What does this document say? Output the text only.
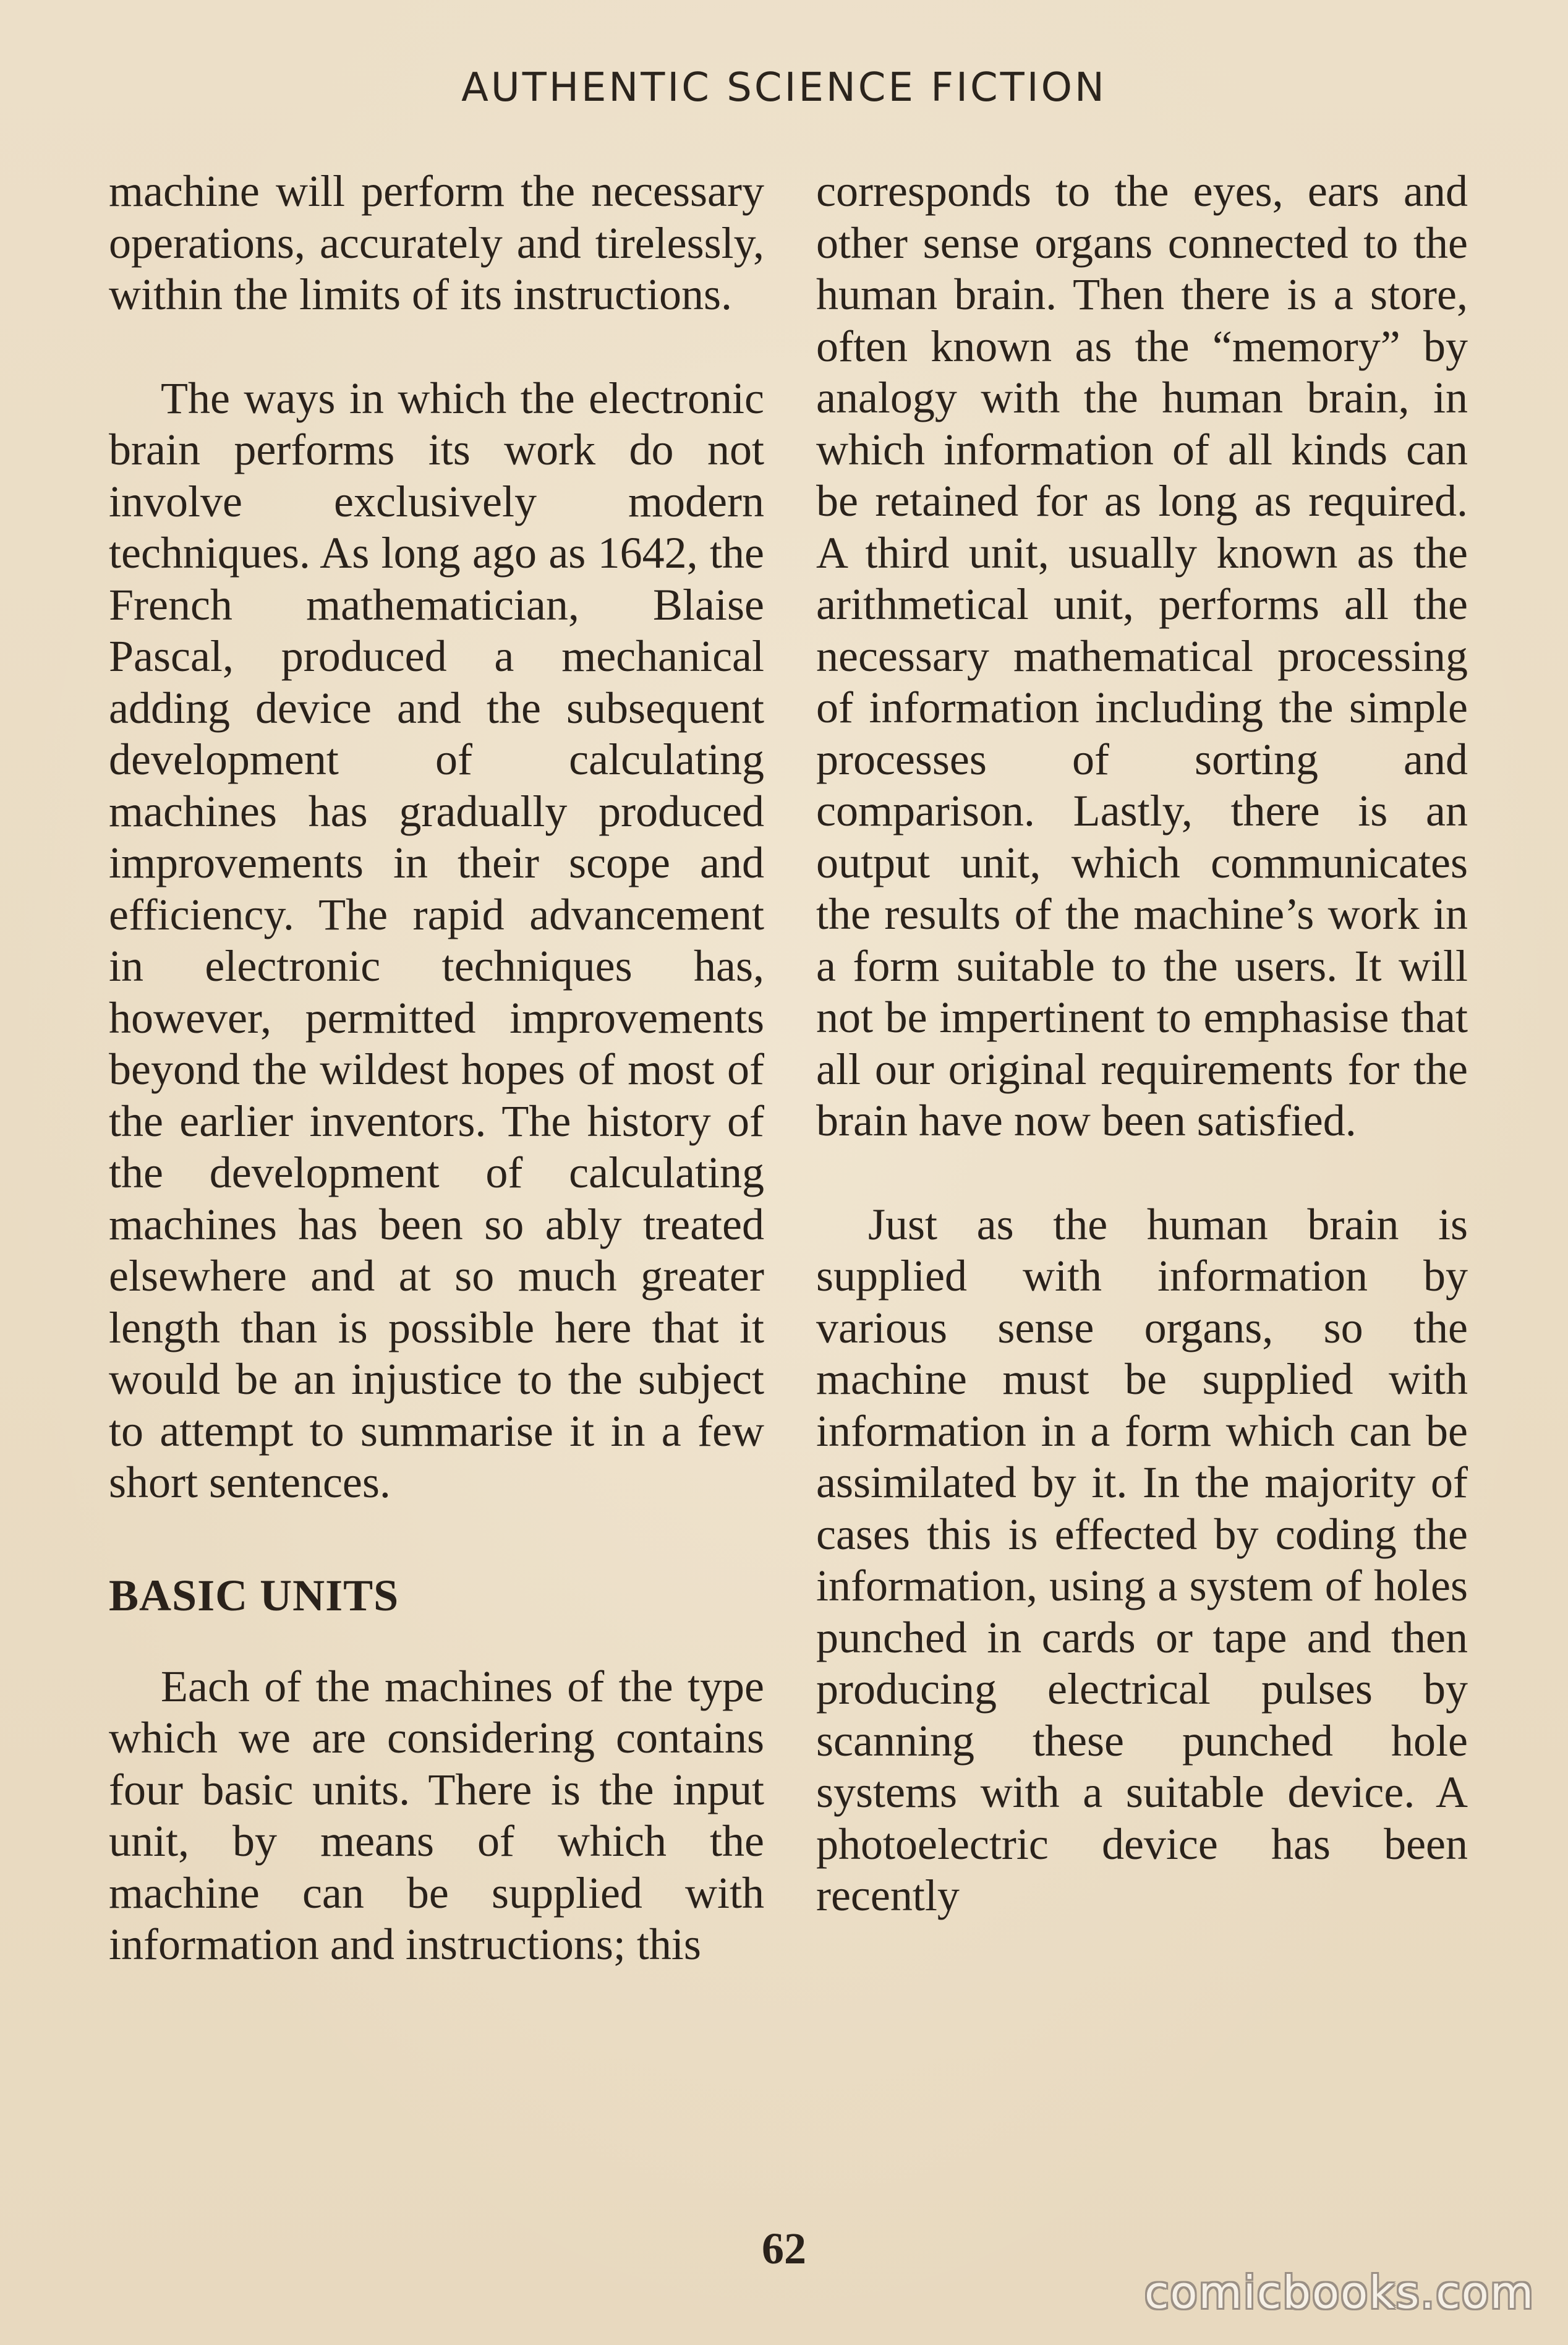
AUTHENTIC SCIENCE FICTION

machine will perform the necessary operations, accurately and tirelessly, within the limits of its instructions.

The ways in which the electronic brain performs its work do not involve exclusively modern techniques. As long ago as 1642, the French mathematician, Blaise Pascal, produced a mechanical adding device and the subsequent development of calculating machines has gradually produced improvements in their scope and efficiency. The rapid advancement in electronic techniques has, however, permitted improvements beyond the wildest hopes of most of the earlier inventors. The history of the development of calculating machines has been so ably treated elsewhere and at so much greater length than is possible here that it would be an injustice to the subject to attempt to summarise it in a few short sentences.

BASIC UNITS

Each of the machines of the type which we are considering contains four basic units. There is the input unit, by means of which the machine can be supplied with information and instructions; this

corresponds to the eyes, ears and other sense organs connected to the human brain. Then there is a store, often known as the “memory” by analogy with the human brain, in which information of all kinds can be retained for as long as required. A third unit, usually known as the arithmetical unit, performs all the necessary mathematical processing of information including the simple processes of sorting and comparison. Lastly, there is an output unit, which communicates the results of the machine’s work in a form suitable to the users. It will not be impertinent to emphasise that all our original requirements for the brain have now been satisfied.

Just as the human brain is supplied with information by various sense organs, so the machine must be supplied with information in a form which can be assimilated by it. In the majority of cases this is effected by coding the information, using a system of holes punched in cards or tape and then producing electrical pulses by scanning these punched hole systems with a suitable device. A photoelectric device has been recently

62
comicbooks.com
